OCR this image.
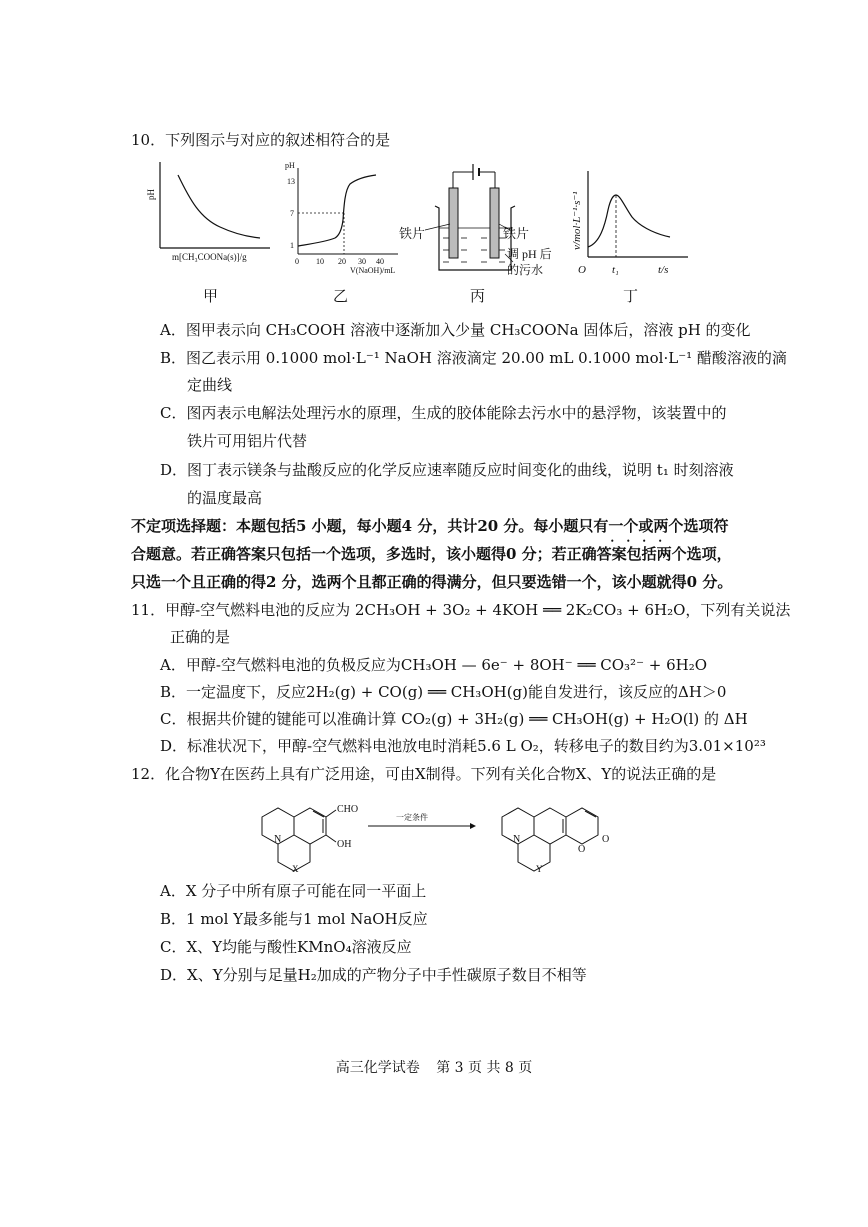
10．下列图示与对应的叙述相符合的是
pH
m[CH₃COONa(s)]/g
甲
pH
13
7
1
0 10 20 30 40
V(NaOH)/mL
乙
铁片	铁片
调 pH 后
的污水
丙
v/mol·L⁻¹·s⁻¹
O t₁	t/s
丁
A．图甲表示向 CH₃COOH 溶液中逐渐加入少量 CH₃COONa 固体后，溶液 pH 的变化
B．图乙表示用 0.1000 mol·L⁻¹ NaOH 溶液滴定 20.00 mL 0.1000 mol·L⁻¹ 醋酸溶液的滴
定曲线
C．图丙表示电解法处理污水的原理，生成的胶体能除去污水中的悬浮物，该装置中的
铁片可用铝片代替
D．图丁表示镁条与盐酸反应的化学反应速率随反应时间变化的曲线，说明 t₁ 时刻溶液
的温度最高
不定项选择题：本题包括5 小题，每小题4 分，共计20 分。每小题只有一个或两个 • • • •选项符
合题意。若正确答案只包括一个选项，多选时，该小题得0 分；若正确答案包括两个选项，
只选一个且正确的得2 分，选两个且都正确的得满分，但只要选错一个，该小题就得0 分。
11．甲醇-空气燃料电池的反应为 2CH₃OH + 3O₂ + 4KOH ══ 2K₂CO₃ + 6H₂O，下列有关说法
正确的是
A．甲醇-空气燃料电池的负极反应为CH₃OH — 6e⁻ + 8OH⁻ ══ CO₃²⁻ + 6H₂O
B．一定温度下，反应2H₂(g) + CO(g) ══ CH₃OH(g)能自发进行，该反应的ΔH＞0
C．根据共价键的键能可以准确计算 CO₂(g) + 3H₂(g) ══ CH₃OH(g) + H₂O(l) 的 ΔH
D．标准状况下，甲醇-空气燃料电池放电时消耗5.6 L O₂，转移电子的数目约为3.01×10²³
12．化合物Y在医药上具有广泛用途，可由X制得。下列有关化合物X、Y的说法正确的是
CHO
OH
N
X
一定条件
N
O
O
Y
A．X 分子中所有原子可能在同一平面上
B．1 mol Y最多能与1 mol NaOH反应
C．X、Y均能与酸性KMnO₄溶液反应
D．X、Y分别与足量H₂加成的产物分子中手性碳原子数目不相等
高三化学试卷 第 3 页 共 8 页
